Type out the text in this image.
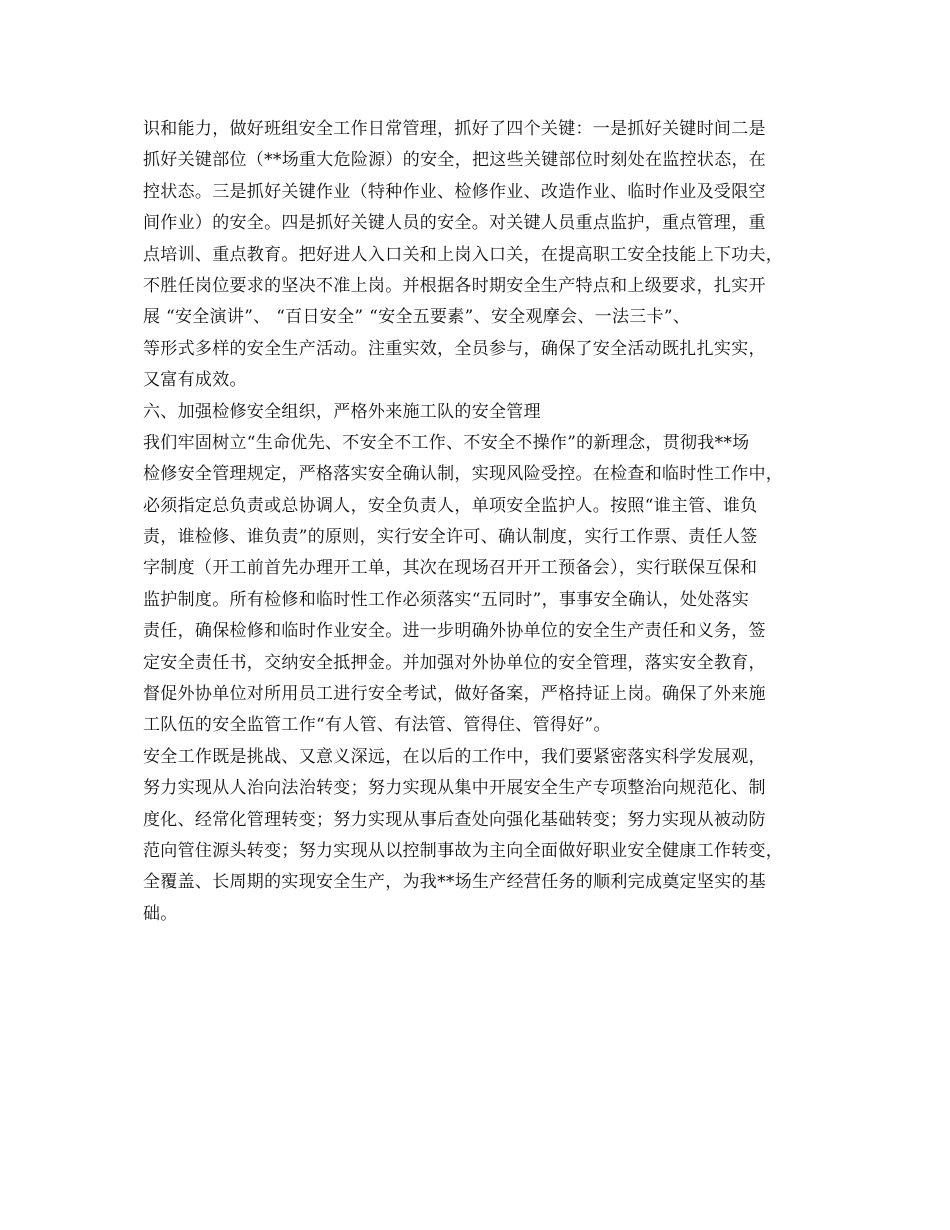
识和能力，做好班组安全工作日常管理，抓好了四个关键：一是抓好关键时间二是
抓好关键部位（**场重大危险源）的安全，把这些关键部位时刻处在监控状态，在
控状态。三是抓好关键作业（特种作业、检修作业、改造作业、临时作业及受限空
间作业）的安全。四是抓好关键人员的安全。对关键人员重点监护，重点管理，重
点培训、重点教育。把好进人入口关和上岗入口关，在提高职工安全技能上下功夫，
不胜任岗位要求的坚决不准上岗。并根据各时期安全生产特点和上级要求，扎实开
展 “安全演讲”、 “百日安全” “安全五要素”、安全观摩会、一法三卡”、
等形式多样的安全生产活动。注重实效，全员参与，确保了安全活动既扎扎实实，
又富有成效。
六、加强检修安全组织，严格外来施工队的安全管理
我们牢固树立“生命优先、不安全不工作、不安全不操作”的新理念，贯彻我**场
检修安全管理规定，严格落实安全确认制，实现风险受控。在检查和临时性工作中，
必须指定总负责或总协调人，安全负责人，单项安全监护人。按照“谁主管、谁负
责，谁检修、谁负责”的原则，实行安全许可、确认制度，实行工作票、责任人签
字制度（开工前首先办理开工单，其次在现场召开开工预备会），实行联保互保和
监护制度。所有检修和临时性工作必须落实“五同时”，事事安全确认，处处落实
责任，确保检修和临时作业安全。进一步明确外协单位的安全生产责任和义务，签
定安全责任书，交纳安全抵押金。并加强对外协单位的安全管理，落实安全教育，
督促外协单位对所用员工进行安全考试，做好备案，严格持证上岗。确保了外来施
工队伍的安全监管工作“有人管、有法管、管得住、管得好”。
安全工作既是挑战、又意义深远，在以后的工作中，我们要紧密落实科学发展观，
努力实现从人治向法治转变；努力实现从集中开展安全生产专项整治向规范化、制
度化、经常化管理转变；努力实现从事后查处向强化基础转变；努力实现从被动防
范向管住源头转变；努力实现从以控制事故为主向全面做好职业安全健康工作转变，
全覆盖、长周期的实现安全生产，为我**场生产经营任务的顺利完成奠定坚实的基
础。
